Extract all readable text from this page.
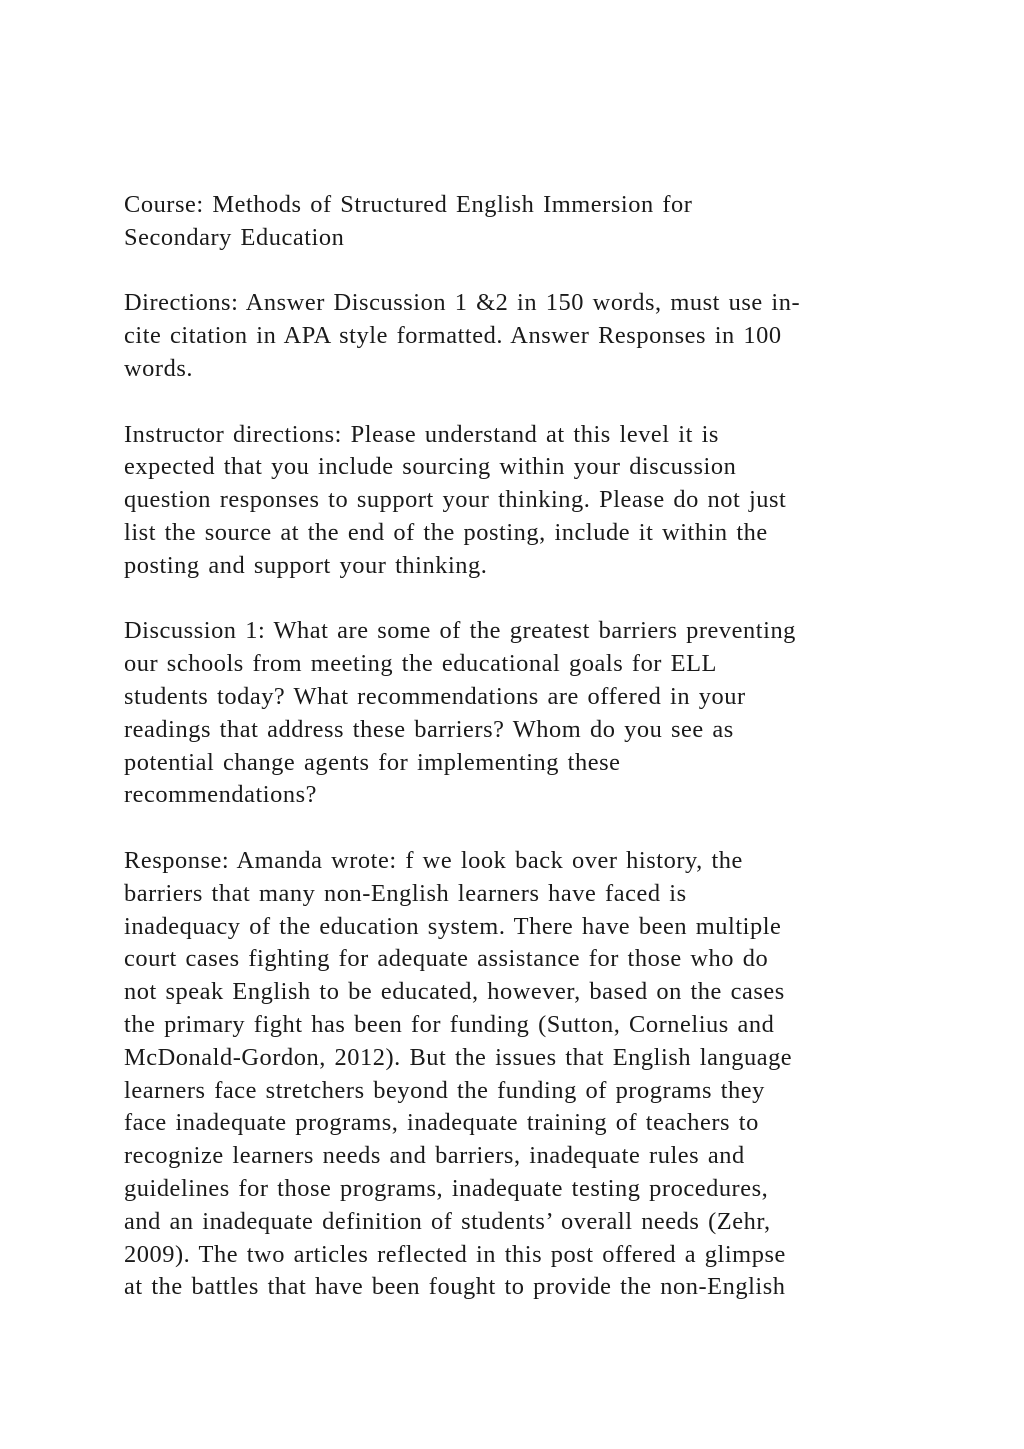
Course: Methods of Structured English Immersion for
Secondary Education

Directions: Answer Discussion 1 &2 in 150 words, must use in-
cite citation in APA style formatted. Answer Responses in 100
words.

Instructor directions: Please understand at this level it is
expected that you include sourcing within your discussion
question responses to support your thinking. Please do not just
list the source at the end of the posting, include it within the
posting and support your thinking.

Discussion 1: What are some of the greatest barriers preventing
our schools from meeting the educational goals for ELL
students today? What recommendations are offered in your
readings that address these barriers? Whom do you see as
potential change agents for implementing these
recommendations?

Response: Amanda wrote: f we look back over history, the
barriers that many non-English learners have faced is
inadequacy of the education system. There have been multiple
court cases fighting for adequate assistance for those who do
not speak English to be educated, however, based on the cases
the primary fight has been for funding (Sutton, Cornelius and
McDonald-Gordon, 2012). But the issues that English language
learners face stretchers beyond the funding of programs they
face inadequate programs, inadequate training of teachers to
recognize learners needs and barriers, inadequate rules and
guidelines for those programs, inadequate testing procedures,
and an inadequate definition of students’ overall needs (Zehr,
2009). The two articles reflected in this post offered a glimpse
at the battles that have been fought to provide the non-English
